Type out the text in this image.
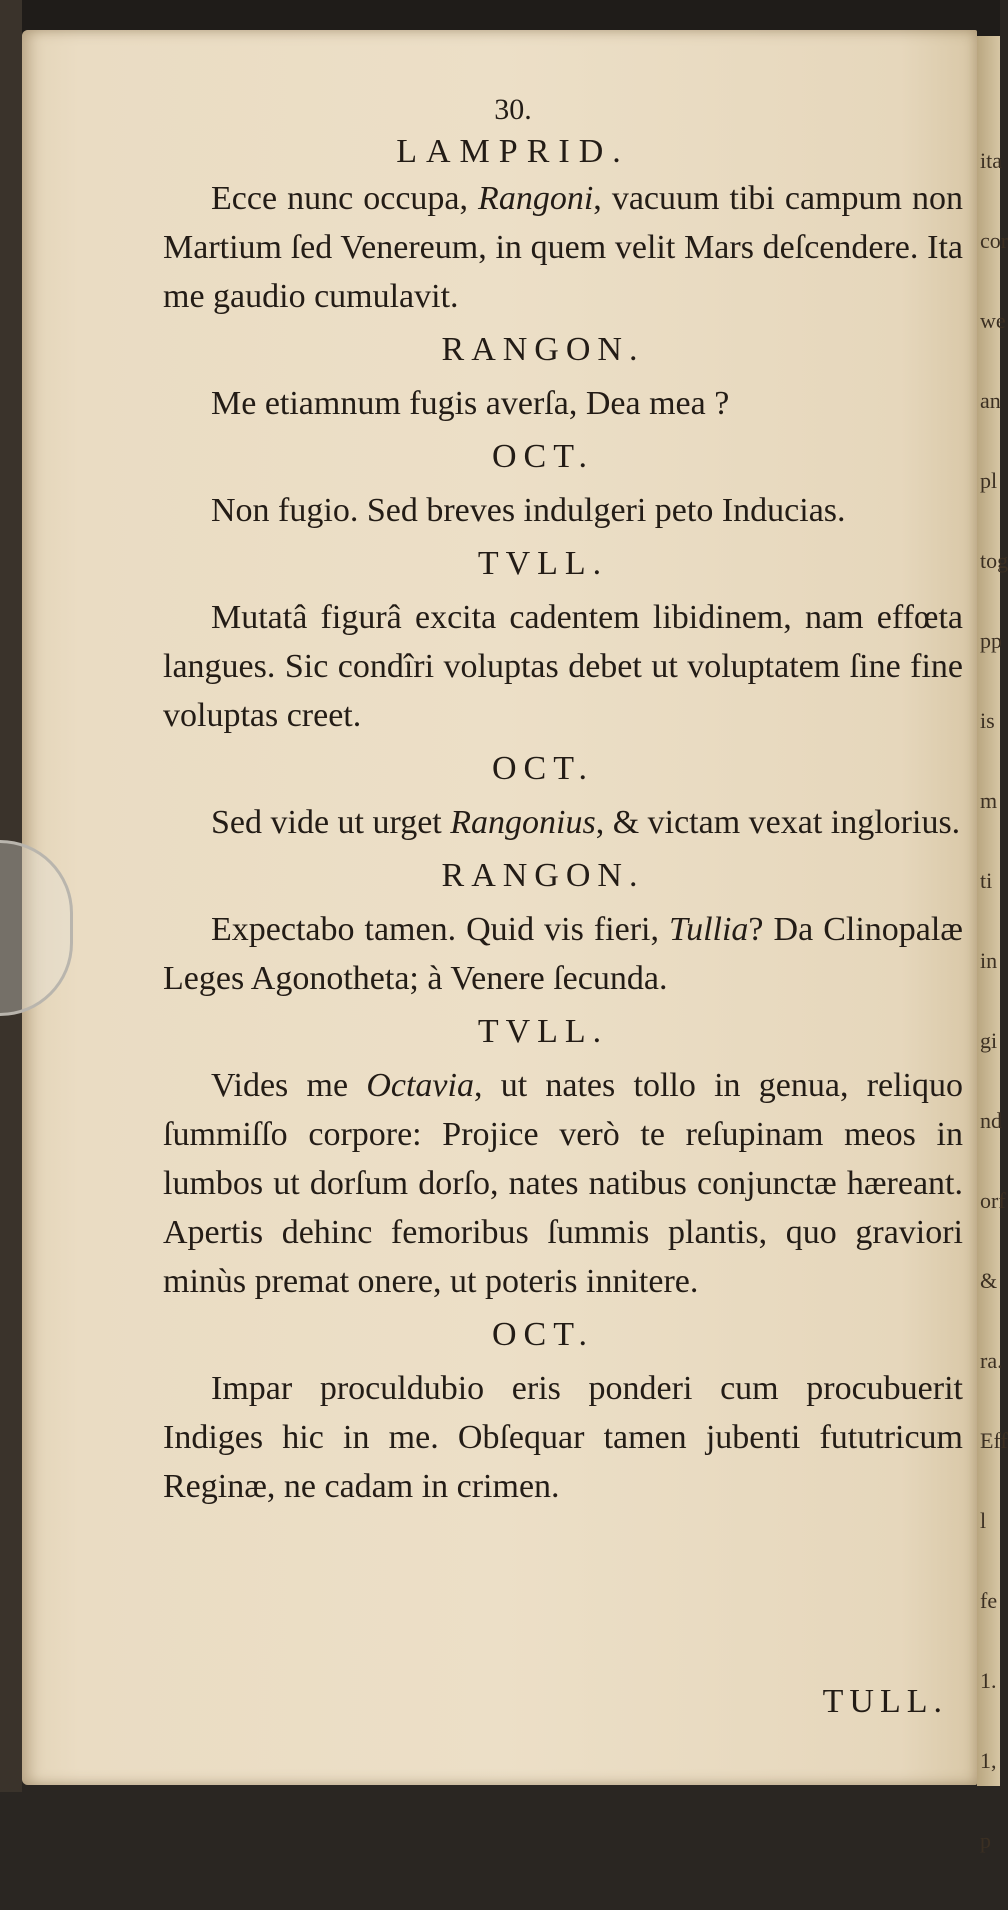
ita
cor
we
an
pl
tog
pp
is
m
ti
in
gi
nd
orf
&
ra.
Eff
l
fe
1.
1,
p
30.
LAMPRID.
Ecce nunc occupa, Rangoni, vacuum tibi campum non Martium ſed Venereum, in quem velit Mars deſcendere. Ita me gaudio cumulavit.
RANGON.
Me etiamnum fugis averſa, Dea mea ?
OCT.
Non fugio. Sed breves indulgeri peto Inducias.
TVLL.
Mutatâ figurâ excita cadentem libidinem, nam effœta langues. Sic condîri voluptas debet ut voluptatem ſine fine voluptas creet.
OCT.
Sed vide ut urget Rangonius, & victam vexat inglorius.
RANGON.
Expectabo tamen. Quid vis fieri, Tullia? Da Clinopalæ Leges Agonotheta; à Venere ſecunda.
TVLL.
Vides me Octavia, ut nates tollo in genua, reliquo ſummiſſo corpore: Projice verò te reſupinam meos in lumbos ut dorſum dorſo, nates natibus conjunctæ hæreant. Apertis dehinc femoribus ſummis plantis, quo graviori minùs premat onere, ut poteris innitere.
OCT.
Impar proculdubio eris ponderi cum procubuerit Indiges hic in me. Obſequar tamen jubenti fututricum Reginæ, ne cadam in crimen.
TULL.
